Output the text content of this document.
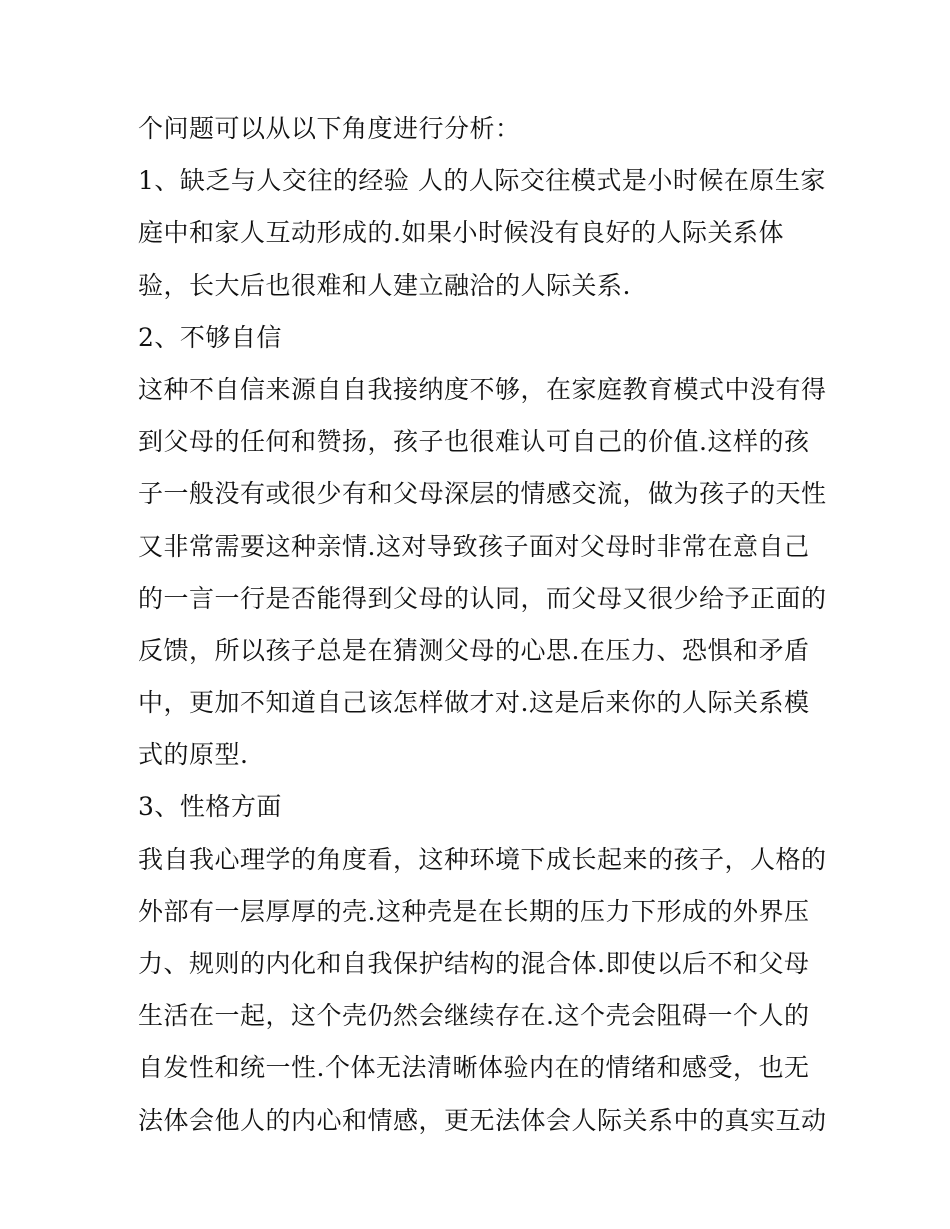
个问题可以从以下角度进行分析：
1、缺乏与人交往的经验 人的人际交往模式是小时候在原生家
庭中和家人互动形成的.如果小时候没有良好的人际关系体
验，长大后也很难和人建立融洽的人际关系.
2、不够自信
这种不自信来源自自我接纳度不够，在家庭教育模式中没有得
到父母的任何和赞扬，孩子也很难认可自己的价值.这样的孩
子一般没有或很少有和父母深层的情感交流，做为孩子的天性
又非常需要这种亲情.这对导致孩子面对父母时非常在意自己
的一言一行是否能得到父母的认同，而父母又很少给予正面的
反馈，所以孩子总是在猜测父母的心思.在压力、恐惧和矛盾
中，更加不知道自己该怎样做才对.这是后来你的人际关系模
式的原型.
3、性格方面
我自我心理学的角度看，这种环境下成长起来的孩子，人格的
外部有一层厚厚的壳.这种壳是在长期的压力下形成的外界压
力、规则的内化和自我保护结构的混合体.即使以后不和父母
生活在一起，这个壳仍然会继续存在.这个壳会阻碍一个人的
自发性和统一性.个体无法清晰体验内在的情绪和感受，也无
法体会他人的内心和情感，更无法体会人际关系中的真实互动
